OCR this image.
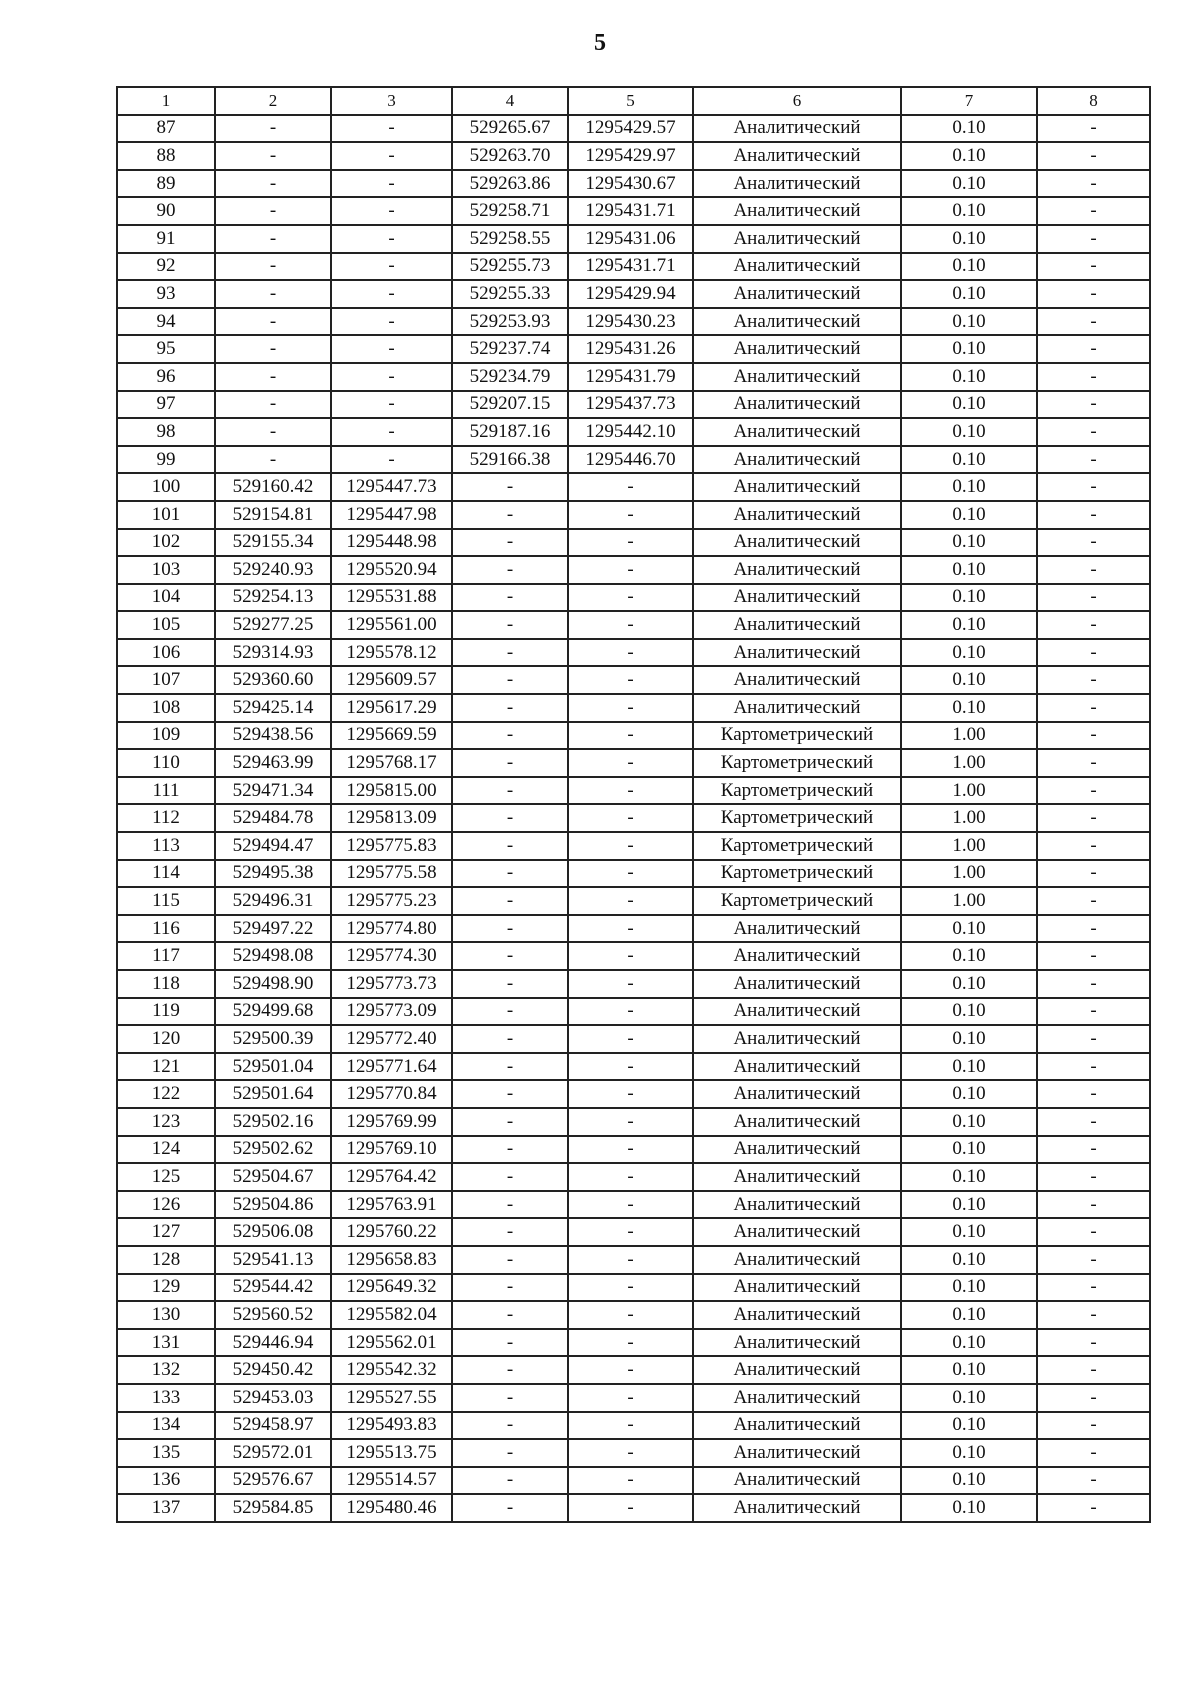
5
1	2	3	4	5	6	7	8
87	-	-	529265.67	1295429.57	Аналитический	0.10	-
88	-	-	529263.70	1295429.97	Аналитический	0.10	-
89	-	-	529263.86	1295430.67	Аналитический	0.10	-
90	-	-	529258.71	1295431.71	Аналитический	0.10	-
91	-	-	529258.55	1295431.06	Аналитический	0.10	-
92	-	-	529255.73	1295431.71	Аналитический	0.10	-
93	-	-	529255.33	1295429.94	Аналитический	0.10	-
94	-	-	529253.93	1295430.23	Аналитический	0.10	-
95	-	-	529237.74	1295431.26	Аналитический	0.10	-
96	-	-	529234.79	1295431.79	Аналитический	0.10	-
97	-	-	529207.15	1295437.73	Аналитический	0.10	-
98	-	-	529187.16	1295442.10	Аналитический	0.10	-
99	-	-	529166.38	1295446.70	Аналитический	0.10	-
100	529160.42	1295447.73	-	-	Аналитический	0.10	-
101	529154.81	1295447.98	-	-	Аналитический	0.10	-
102	529155.34	1295448.98	-	-	Аналитический	0.10	-
103	529240.93	1295520.94	-	-	Аналитический	0.10	-
104	529254.13	1295531.88	-	-	Аналитический	0.10	-
105	529277.25	1295561.00	-	-	Аналитический	0.10	-
106	529314.93	1295578.12	-	-	Аналитический	0.10	-
107	529360.60	1295609.57	-	-	Аналитический	0.10	-
108	529425.14	1295617.29	-	-	Аналитический	0.10	-
109	529438.56	1295669.59	-	-	Картометрический	1.00	-
110	529463.99	1295768.17	-	-	Картометрический	1.00	-
111	529471.34	1295815.00	-	-	Картометрический	1.00	-
112	529484.78	1295813.09	-	-	Картометрический	1.00	-
113	529494.47	1295775.83	-	-	Картометрический	1.00	-
114	529495.38	1295775.58	-	-	Картометрический	1.00	-
115	529496.31	1295775.23	-	-	Картометрический	1.00	-
116	529497.22	1295774.80	-	-	Аналитический	0.10	-
117	529498.08	1295774.30	-	-	Аналитический	0.10	-
118	529498.90	1295773.73	-	-	Аналитический	0.10	-
119	529499.68	1295773.09	-	-	Аналитический	0.10	-
120	529500.39	1295772.40	-	-	Аналитический	0.10	-
121	529501.04	1295771.64	-	-	Аналитический	0.10	-
122	529501.64	1295770.84	-	-	Аналитический	0.10	-
123	529502.16	1295769.99	-	-	Аналитический	0.10	-
124	529502.62	1295769.10	-	-	Аналитический	0.10	-
125	529504.67	1295764.42	-	-	Аналитический	0.10	-
126	529504.86	1295763.91	-	-	Аналитический	0.10	-
127	529506.08	1295760.22	-	-	Аналитический	0.10	-
128	529541.13	1295658.83	-	-	Аналитический	0.10	-
129	529544.42	1295649.32	-	-	Аналитический	0.10	-
130	529560.52	1295582.04	-	-	Аналитический	0.10	-
131	529446.94	1295562.01	-	-	Аналитический	0.10	-
132	529450.42	1295542.32	-	-	Аналитический	0.10	-
133	529453.03	1295527.55	-	-	Аналитический	0.10	-
134	529458.97	1295493.83	-	-	Аналитический	0.10	-
135	529572.01	1295513.75	-	-	Аналитический	0.10	-
136	529576.67	1295514.57	-	-	Аналитический	0.10	-
137	529584.85	1295480.46	-	-	Аналитический	0.10	-
